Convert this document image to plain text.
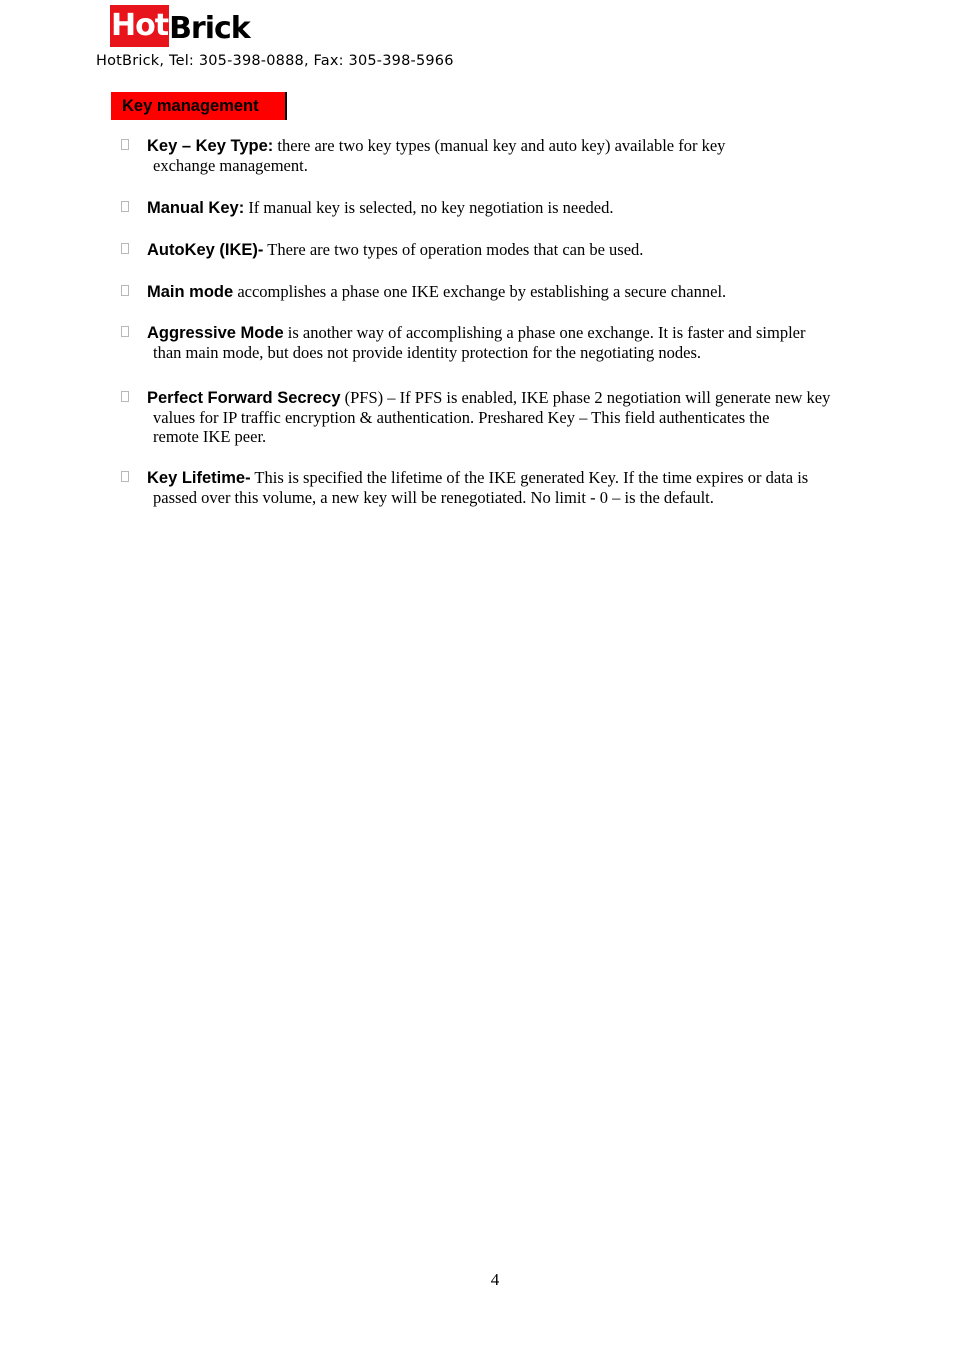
Hot Brick
HotBrick, Tel: 305-398-0888, Fax: 305-398-5966
Key management
Key – Key Type: there are two key types (manual key and auto key) available for key
exchange management.
Manual Key: If manual key is selected, no key negotiation is needed.
AutoKey (IKE)- There are two types of operation modes that can be used.
Main mode accomplishes a phase one IKE exchange by establishing a secure channel.
Aggressive Mode is another way of accomplishing a phase one exchange. It is faster and simpler
than main mode, but does not provide identity protection for the negotiating nodes.
Perfect Forward Secrecy (PFS) – If PFS is enabled, IKE phase 2 negotiation will generate new key
values for IP traffic encryption & authentication. Preshared Key – This field authenticates the
remote IKE peer.
Key Lifetime- This is specified the lifetime of the IKE generated Key. If the time expires or data is
passed over this volume, a new key will be renegotiated. No limit - 0 – is the default.
4
